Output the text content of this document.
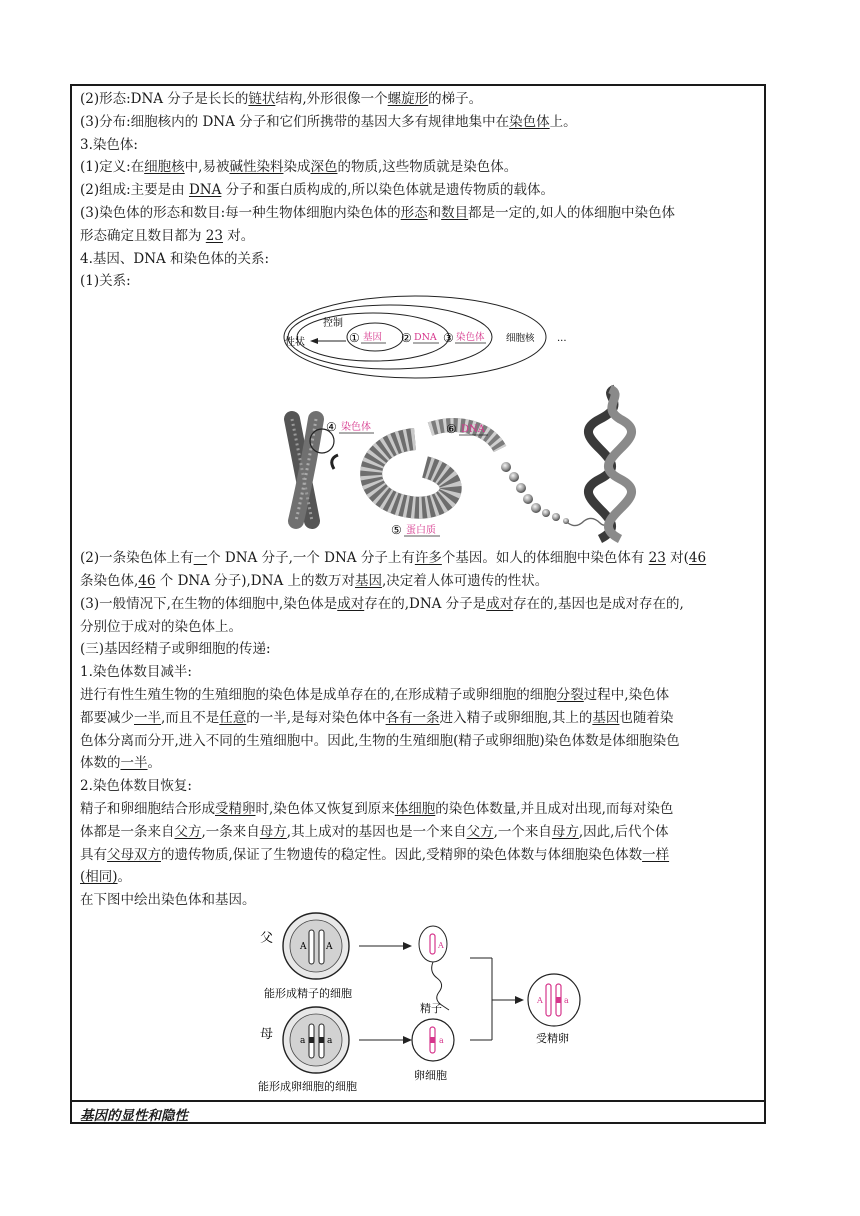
(2)形态:DNA 分子是长长的链状结构,外形很像一个螺旋形的梯子。
(3)分布:细胞核内的 DNA 分子和它们所携带的基因大多有规律地集中在染色体上。
3.染色体:
(1)定义:在细胞核中,易被碱性染料染成深色的物质,这些物质就是染色体。
(2)组成:主要是由 DNA 分子和蛋白质构成的,所以染色体就是遗传物质的载体。
(3)染色体的形态和数目:每一种生物体细胞内染色体的形态和数目都是一定的,如人的体细胞中染色体
形态确定且数目都为 23 对。
4.基因、DNA 和染色体的关系:
(1)关系:
性状
控制
① 基因 ② DNA ③ 染色体 细胞核 ...
④ 染色体	⑥ DNA
⑤ 蛋白质
(2)一条染色体上有一个 DNA 分子,一个 DNA 分子上有许多个基因。如人的体细胞中染色体有 23 对(46
条染色体,46 个 DNA 分子),DNA 上的数万对基因,决定着人体可遗传的性状。
(3)一般情况下,在生物的体细胞中,染色体是成对存在的,DNA 分子是成对存在的,基因也是成对存在的,
分别位于成对的染色体上。
(三)基因经精子或卵细胞的传递:
1.染色体数目减半:
进行有性生殖生物的生殖细胞的染色体是成单存在的,在形成精子或卵细胞的细胞分裂过程中,染色体
都要减少一半,而且不是任意的一半,是每对染色体中各有一条进入精子或卵细胞,其上的基因也随着染
色体分离而分开,进入不同的生殖细胞中。因此,生物的生殖细胞(精子或卵细胞)染色体数是体细胞染色
体数的一半。
2.染色体数目恢复:
精子和卵细胞结合形成受精卵时,染色体又恢复到原来体细胞的染色体数量,并且成对出现,而每对染色
体都是一条来自父方,一条来自母方,其上成对的基因也是一个来自父方,一个来自母方,因此,后代个体
具有父母双方的遗传物质,保证了生物遗传的稳定性。因此,受精卵的染色体数与体细胞染色体数一样
(相同)。
在下图中绘出染色体和基因。
父
A A
能形成精子的细胞
A
精子
母	a a
能形成卵细胞的细胞
a
卵细胞
A	a
受精卵
基因的显性和隐性
